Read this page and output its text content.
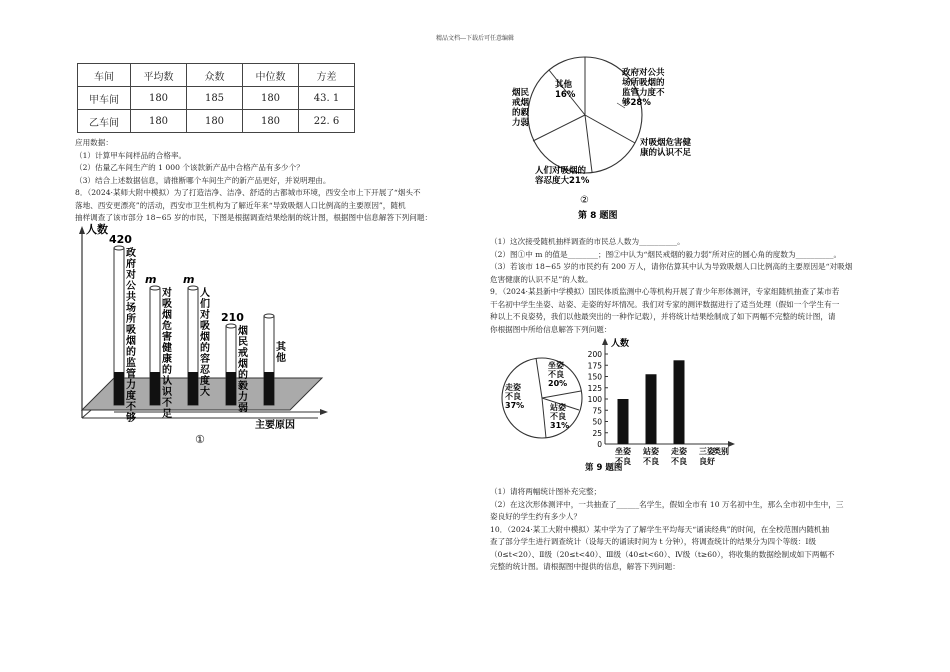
精品文档---下载后可任意编辑
车间	平均数	众数	中位数	方差
甲车间	180	185	180	43. 1
乙车间	180	180	180	22. 6
应用数据：
（1）计算甲车间样品的合格率。
（2）估量乙车间生产的 1 000 个该款新产品中合格产品有多少个？
（3）结合上述数据信息，请推断哪个车间生产的新产品更好，并说明理由。
8．（2024·某师大附中模拟）为了打造洁净、洁净、舒适的古都城市环境，西安全市上下开展了“烟头不
落地、西安更漂亮”的活动，西安市卫生机构为了解近年来“导致吸烟人口比例高的主要原因”，随机
抽样调查了该市部分 18~65 岁的市民，下图是根据调查结果绘制的统计图，根据图中信息解答下列问题：
人数
主要原因
①
420
政府对公共场所吸烟的监管力度不够
m
对吸烟危害健康的认识不足
m
人们对吸烟的容忍度大
210
烟民戒烟的毅力弱
其他
政府对公共场所吸烟的监管力度不够28%
对吸烟危害健康的认识不足
人们对吸烟的容忍度大21%
烟民戒烟的毅力弱
其他 16%
②
第 8 题图
（1）这次接受随机抽样调查的市民总人数为__________。
（2）图①中 m 的值是________；图②中认为“烟民戒烟的毅力弱”所对应的圆心角的度数为__________。
（3）若该市 18~65 岁的市民约有 200 万人，请你估算其中认为导致吸烟人口比例高的主要原因是“对吸烟
危害健康的认识不足”的人数。
9．（2024·某县新中学模拟）国民体质监测中心等机构开展了青少年形体测评，专家组随机抽查了某市若
干名初中学生坐姿、站姿、走姿的好坏情况。我们对专家的测评数据进行了适当处理（假如一个学生有一
种以上不良姿势，我们以他最突出的一种作记载），并将统计结果绘制成了如下两幅不完整的统计图，请
你根据图中所给信息解答下列问题：
坐姿不良 20%
走姿不良 37%	站姿不良 31%
人数
类别
0
25
50
75
100
125
150
175
200
坐姿不良
站姿不良
走姿不良
三姿良好
第 9 题图
（1）请将两幅统计图补充完整；
（2）在这次形体测评中，一共抽查了______名学生，假如全市有 10 万名初中生，那么全市初中生中，三
姿良好的学生约有多少人？
10．（2024·某工大附中模拟）某中学为了了解学生平均每天“诵读经典”的时间，在全校范围内随机抽
查了部分学生进行调查统计（设每天的诵读时间为 t 分钟），将调查统计的结果分为四个等级：Ⅰ级
（0≤t<20）、Ⅱ级（20≤t<40）、Ⅲ级（40≤t<60）、Ⅳ级（t≥60），将收集的数据绘制成如下两幅不
完整的统计图。请根据图中提供的信息，解答下列问题：
